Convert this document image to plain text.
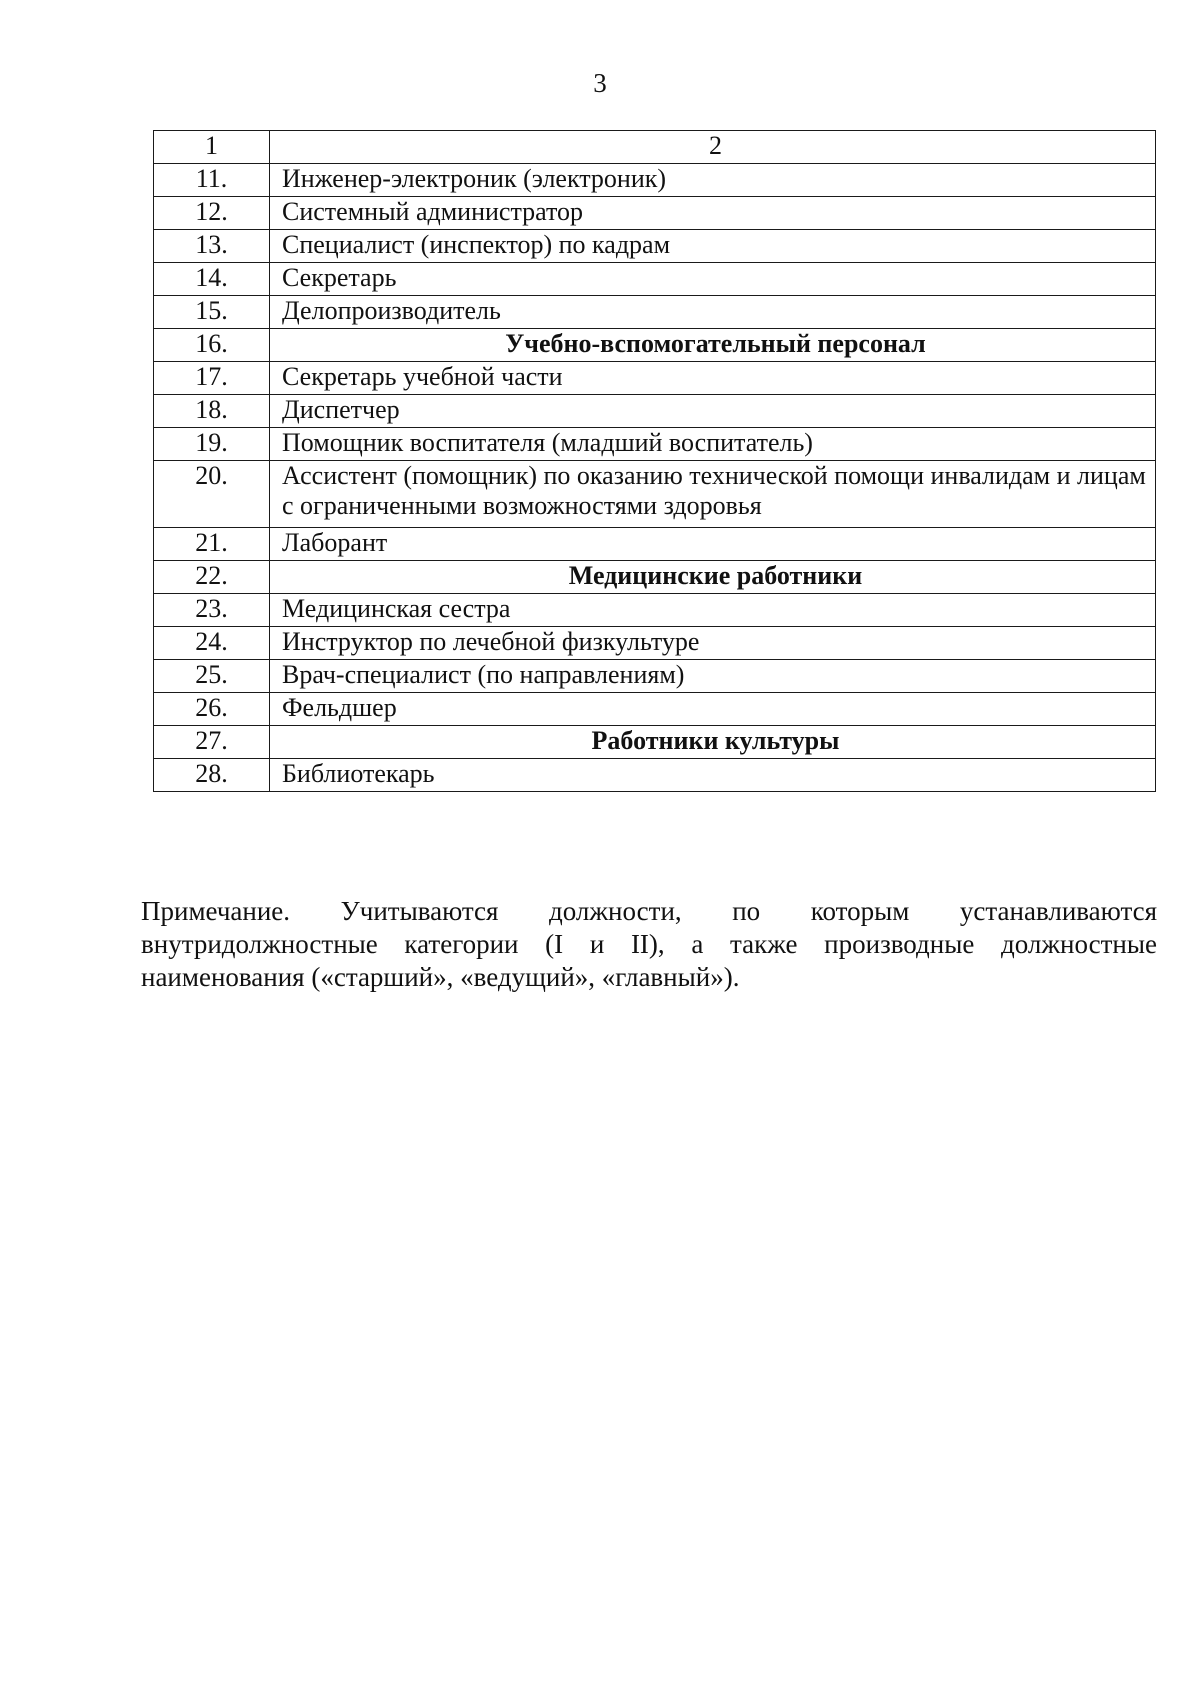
3
1	2
11.	Инженер-электроник (электроник)
12.	Системный администратор
13.	Специалист (инспектор) по кадрам
14.	Секретарь
15.	Делопроизводитель
16.	Учебно-вспомогательный персонал
17.	Секретарь учебной части
18.	Диспетчер
19.	Помощник воспитателя (младший воспитатель)
20.	Ассистент (помощник) по оказанию технической помощи инвалидам и лицам с ограниченными возможностями здоровья
21.	Лаборант
22.	Медицинские работники
23.	Медицинская сестра
24.	Инструктор по лечебной физкультуре
25.	Врач-специалист (по направлениям)
26.	Фельдшер
27.	Работники культуры
28.	Библиотекарь

Примечание. Учитываются должности, по которым устанавливаются внутридолжностные категории (I и II), а также производные должностные наименования («старший», «ведущий», «главный»).
